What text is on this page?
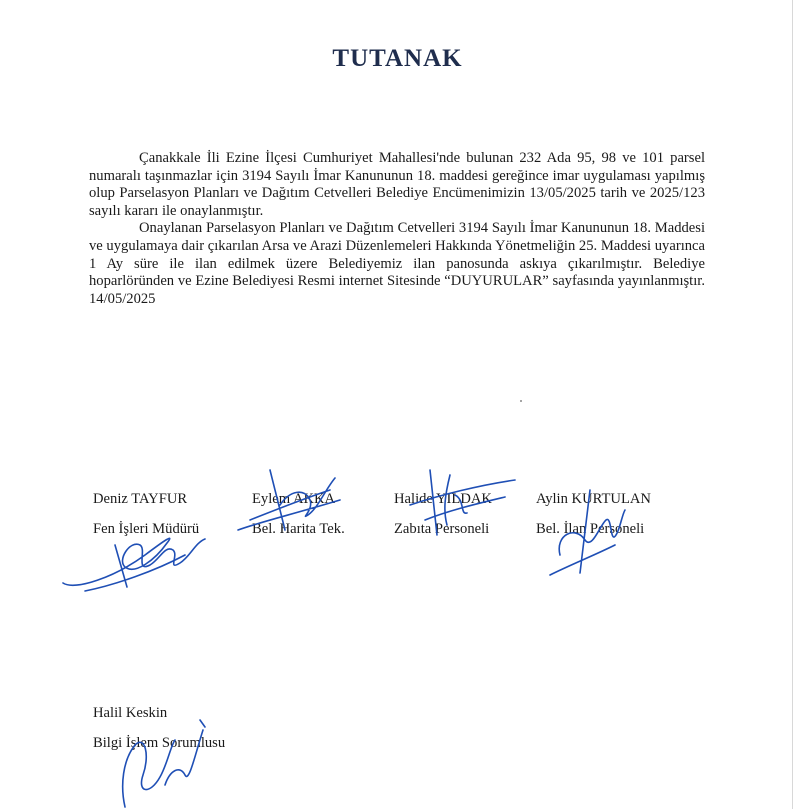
TUTANAK

Çanakkale İli Ezine İlçesi Cumhuriyet Mahallesi'nde bulunan 232 Ada 95, 98 ve 101 parsel numaralı taşınmazlar için 3194 Sayılı İmar Kanununun 18. maddesi gereğince imar uygulaması yapılmış olup Parselasyon Planları ve Dağıtım Cetvelleri Belediye Encümenimizin 13/05/2025 tarih ve 2025/123 sayılı kararı ile onaylanmıştır.

Onaylanan Parselasyon Planları ve Dağıtım Cetvelleri 3194 Sayılı İmar Kanununun 18. Maddesi ve uygulamaya dair çıkarılan Arsa ve Arazi Düzenlemeleri Hakkında Yönetmeliğin 25. Maddesi uyarınca 1 Ay süre ile ilan edilmek üzere Belediyemiz ilan panosunda askıya çıkarılmıştır. Belediye hoparlöründen ve Ezine Belediyesi Resmi internet Sitesinde “DUYURULAR” sayfasında yayınlanmıştır. 14/05/2025

Deniz TAYFUR
Fen İşleri Müdürü
Eylem AKKA
Bel. Harita Tek.
Halide YILDAK
Zabıta Personeli
Aylin KURTULAN
Bel. İlan Personeli
Halil Keskin
Bilgi İşlem Sorumlusu
